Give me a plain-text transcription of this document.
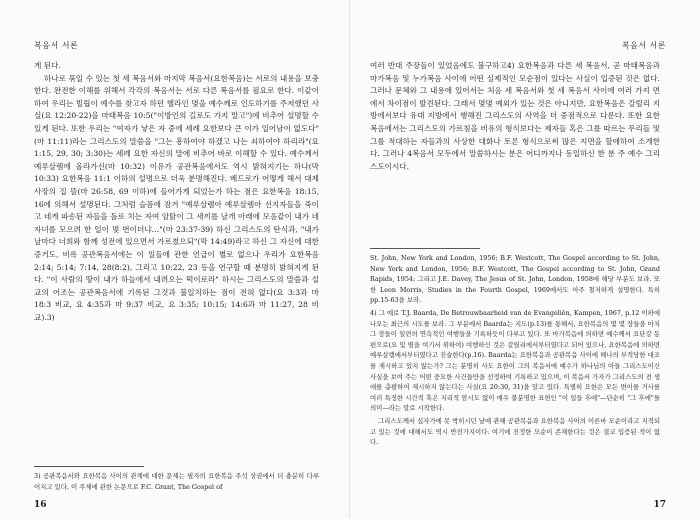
복음서 서론

게 된다.

하나로 묶일 수 있는 첫 세 복음서와 마지막 복음서(요한복음)는 서로의 내용을 보충한다. 완전한 이해를 위해서 각각의 복음서는 서로 다른 복음서를 필요로 한다. 이같이 하여 우리는 빌립이 예수를 찾고자 하던 헬라인 몇을 예수께로 인도하기를 주저했던 사실(요 12:20-22)을 마태복음 10:5("이방인의 길로도 가지 말고")에 비추어 설명할 수 있게 된다. 또한 우리는 "여자가 낳은 자 중에 세례 요한보다 큰 이가 일어남이 없도다"(마 11:11)라는 그리스도의 말씀을 "그는 흥하여야 하겠고 나는 쇠하여야 하리라"(요 1:15, 29, 30; 3:30)는 세례 요한 자신의 말에 비추어 바로 이해할 수 있다. 예수께서 예루살렘에 올라가신(마 10:32) 이유가 공관복음에서도 역시 밝혀지기는 하나(막 10:33) 요한복음 11:1 이하의 설명으로 더욱 분명해진다. 베드로가 어떻게 해서 대제사장의 집 뜰(마 26:58, 69 이하)에 들어가게 되었는가 하는 점은 요한복음 18:15, 16에 의해서 설명된다. 그처럼 슬픔에 잠겨 "예루살렘아 예루살렘아 선지자들을 죽이고 네게 파송된 자들을 돌로 치는 자여 암탉이 그 새끼를 날개 아래에 모음같이 내가 네 자녀를 모으려 한 일이 몇 번이더냐…"(마 23:37-39) 하신 그리스도의 탄식과, "내가 날마다 너희와 함께 성전에 있으면서 가르쳤으되"(막 14:49)라고 하신 그 자신에 대한 증거도, 비록 공관복음서에는 이 일들에 관한 언급이 별로 없으나 우리가 요한복음 2:14; 5:14; 7:14, 28(8:2), 그리고 10:22, 23 등을 연구할 때 분명히 밝혀지게 된다. "이 사람의 땅이 내가 하늘에서 내려오는 떡이로라" 하시는 그리스도의 말씀과 설교의 어조는 공관복음서에 기록된 그것과 불일치하는 점이 전혀 없다(요 3:3과 마 18:3 비교, 요 4:35과 마 9:37 비교, 요 3:35; 10:15; 14:6과 마 11:27, 28 비교).3)

3) 공관복음서와 요한복음 사이의 관계에 대한 문제는 필자의 요한복음 주석 상권에서 더 충분히 다루어지고 있다. 이 주제에 관한 논문으로 F.C. Grant, The Gospel of

16
복음서 서론

여러 반대 주장들이 있었음에도 불구하고4) 요한복음과 다른 세 복음서, 곧 마태복음과 마가복음 및 누가복음 사이에 어떤 실제적인 모순점이 있다는 사실이 입증된 것은 없다. 그러나 문체와 그 내용에 있어서는 처음 세 복음서와 첫 세 복음서 사이에 여러 가지 면에서 차이점이 발견된다. 그래서 몇몇 예외가 있는 것은 아니지만, 요한복음은 갈릴리 지방에서보다 유대 지방에서 행해진 그리스도의 사역을 더 중점적으로 다룬다. 또한 요한복음에서는 그리스도의 가르침을 비유의 형식보다는 제자들 혹은 그를 따르는 무리들 및 그를 적대하는 자들과의 사상한 대화나 토론 형식으로써 많은 지면을 할애하여 소개한다. 그러나 4복음서 모두에서 말씀하시는 분은 어디까지나 동일하신 한 분 주 예수 그리스도이시다.

St. John, New York and London, 1956; B.F. Westcott, The Gospel according to St. John, New York and London, 1956; B.F. Westcott, The Gospel according to St. John, Grand Rapids, 1954; 그리고 J.E. Davey, The Jesus of St. John, London, 1958에 해당 부분도 보라. 또한 Leon Morris, Studies in the Fourth Gospel, 1969에서도 아주 철저하게 설명한다. 특히 pp.15-63을 보라.

4) 그 예로 T.J. Baarda, De Betrouwbaarheid van de Evangeliën, Kampen, 1967, p.12 이하에 나오는 최근의 시도를 보라. 그 부분에서 Baarda는 지도(p.13)를 통해서, 요한복음의 몇 몇 장들을 마치 그 장들이 일련의 연속적인 여행들을 기록하듯이 다루고 있다. 또 마가복음에 의하면 예수께서 요단강 동편으로(요 및 별을 여기서 위하여) 여행하신 것은 갈릴리에서부터였다고 되어 있으나, 요한복음에 의하면 예루살렘에서부터였다고 진술한다(p.16). Baarda는 요한복음과 공관복음 사이에 해나의 부적당한 대조를 제시하고 있지 않는가? 그는 분명히 사도 요한이 그의 복음서에 예수가 하나님의 아들 그리스도이신 사실을 보여 주는 어떤 중요한 사건들만을 선정하여 기록하고 있으며, 이 복음서 가자가 그리스도의 전 생애를 총괄하여 제시하지 않는다는 사실(요 20:30, 31)을 알고 있다. 특별히 요한은 모든 변이를 거사를 여러 특정한 시간적 혹은 지리적 암시도 없이 매우 불분명한 표현인 "이 일들 후에"—단순히 "그 후에"를 의미—라는 말로 시작한다.

그리스도께서 십자가에 못 박히시던 날에 관해 공관복음과 요한복음 사이의 이른바 모순이라고 지적되고 있는 것에 대해서도 역시 반전가지이다. 여기에 진정한 모순이 존재한다는 것은 결코 입증된 적이 없다.

17
